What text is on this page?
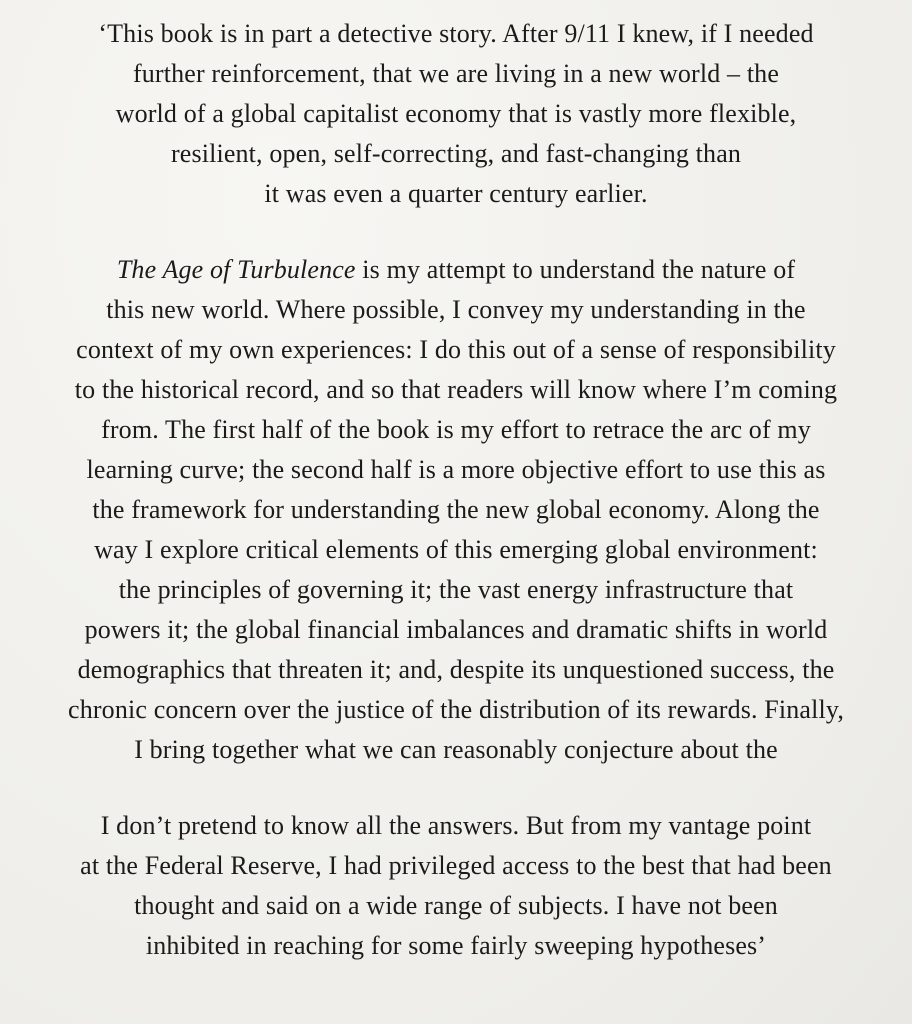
‘This book is in part a detective story. After 9/11 I knew, if I needed
further reinforcement, that we are living in a new world – the
world of a global capitalist economy that is vastly more flexible,
resilient, open, self-correcting, and fast-changing than
it was even a quarter century earlier.

The Age of Turbulence is my attempt to understand the nature of
this new world. Where possible, I convey my understanding in the
context of my own experiences: I do this out of a sense of responsibility
to the historical record, and so that readers will know where I’m coming
from. The first half of the book is my effort to retrace the arc of my
learning curve; the second half is a more objective effort to use this as
the framework for understanding the new global economy. Along the
way I explore critical elements of this emerging global environment:
the principles of governing it; the vast energy infrastructure that
powers it; the global financial imbalances and dramatic shifts in world
demographics that threaten it; and, despite its unquestioned success, the
chronic concern over the justice of the distribution of its rewards. Finally,
I bring together what we can reasonably conjecture about the

I don’t pretend to know all the answers. But from my vantage point
at the Federal Reserve, I had privileged access to the best that had been
thought and said on a wide range of subjects. I have not been
inhibited in reaching for some fairly sweeping hypotheses’
